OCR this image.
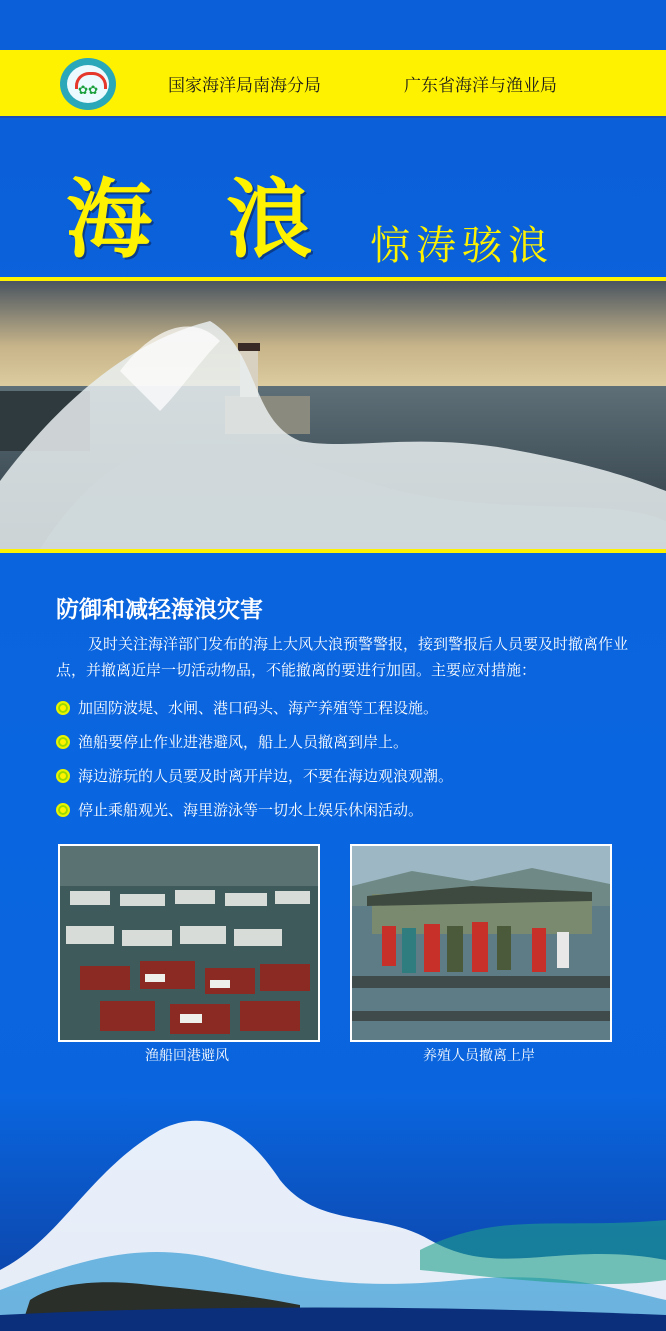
✿✿	国家海洋局南海分局	广东省海洋与渔业局
海浪
惊涛骇浪
防御和减轻海浪灾害
及时关注海洋部门发布的海上大风大浪预警警报，接到警报后人员要及时撤离作业点，并撤离近岸一切活动物品，不能撤离的要进行加固。主要应对措施：
加固防波堤、水闸、港口码头、海产养殖等工程设施。
渔船要停止作业进港避风，船上人员撤离到岸上。
海边游玩的人员要及时离开岸边，不要在海边观浪观潮。
停止乘船观光、海里游泳等一切水上娱乐休闲活动。
渔船回港避风	养殖人员撤离上岸
